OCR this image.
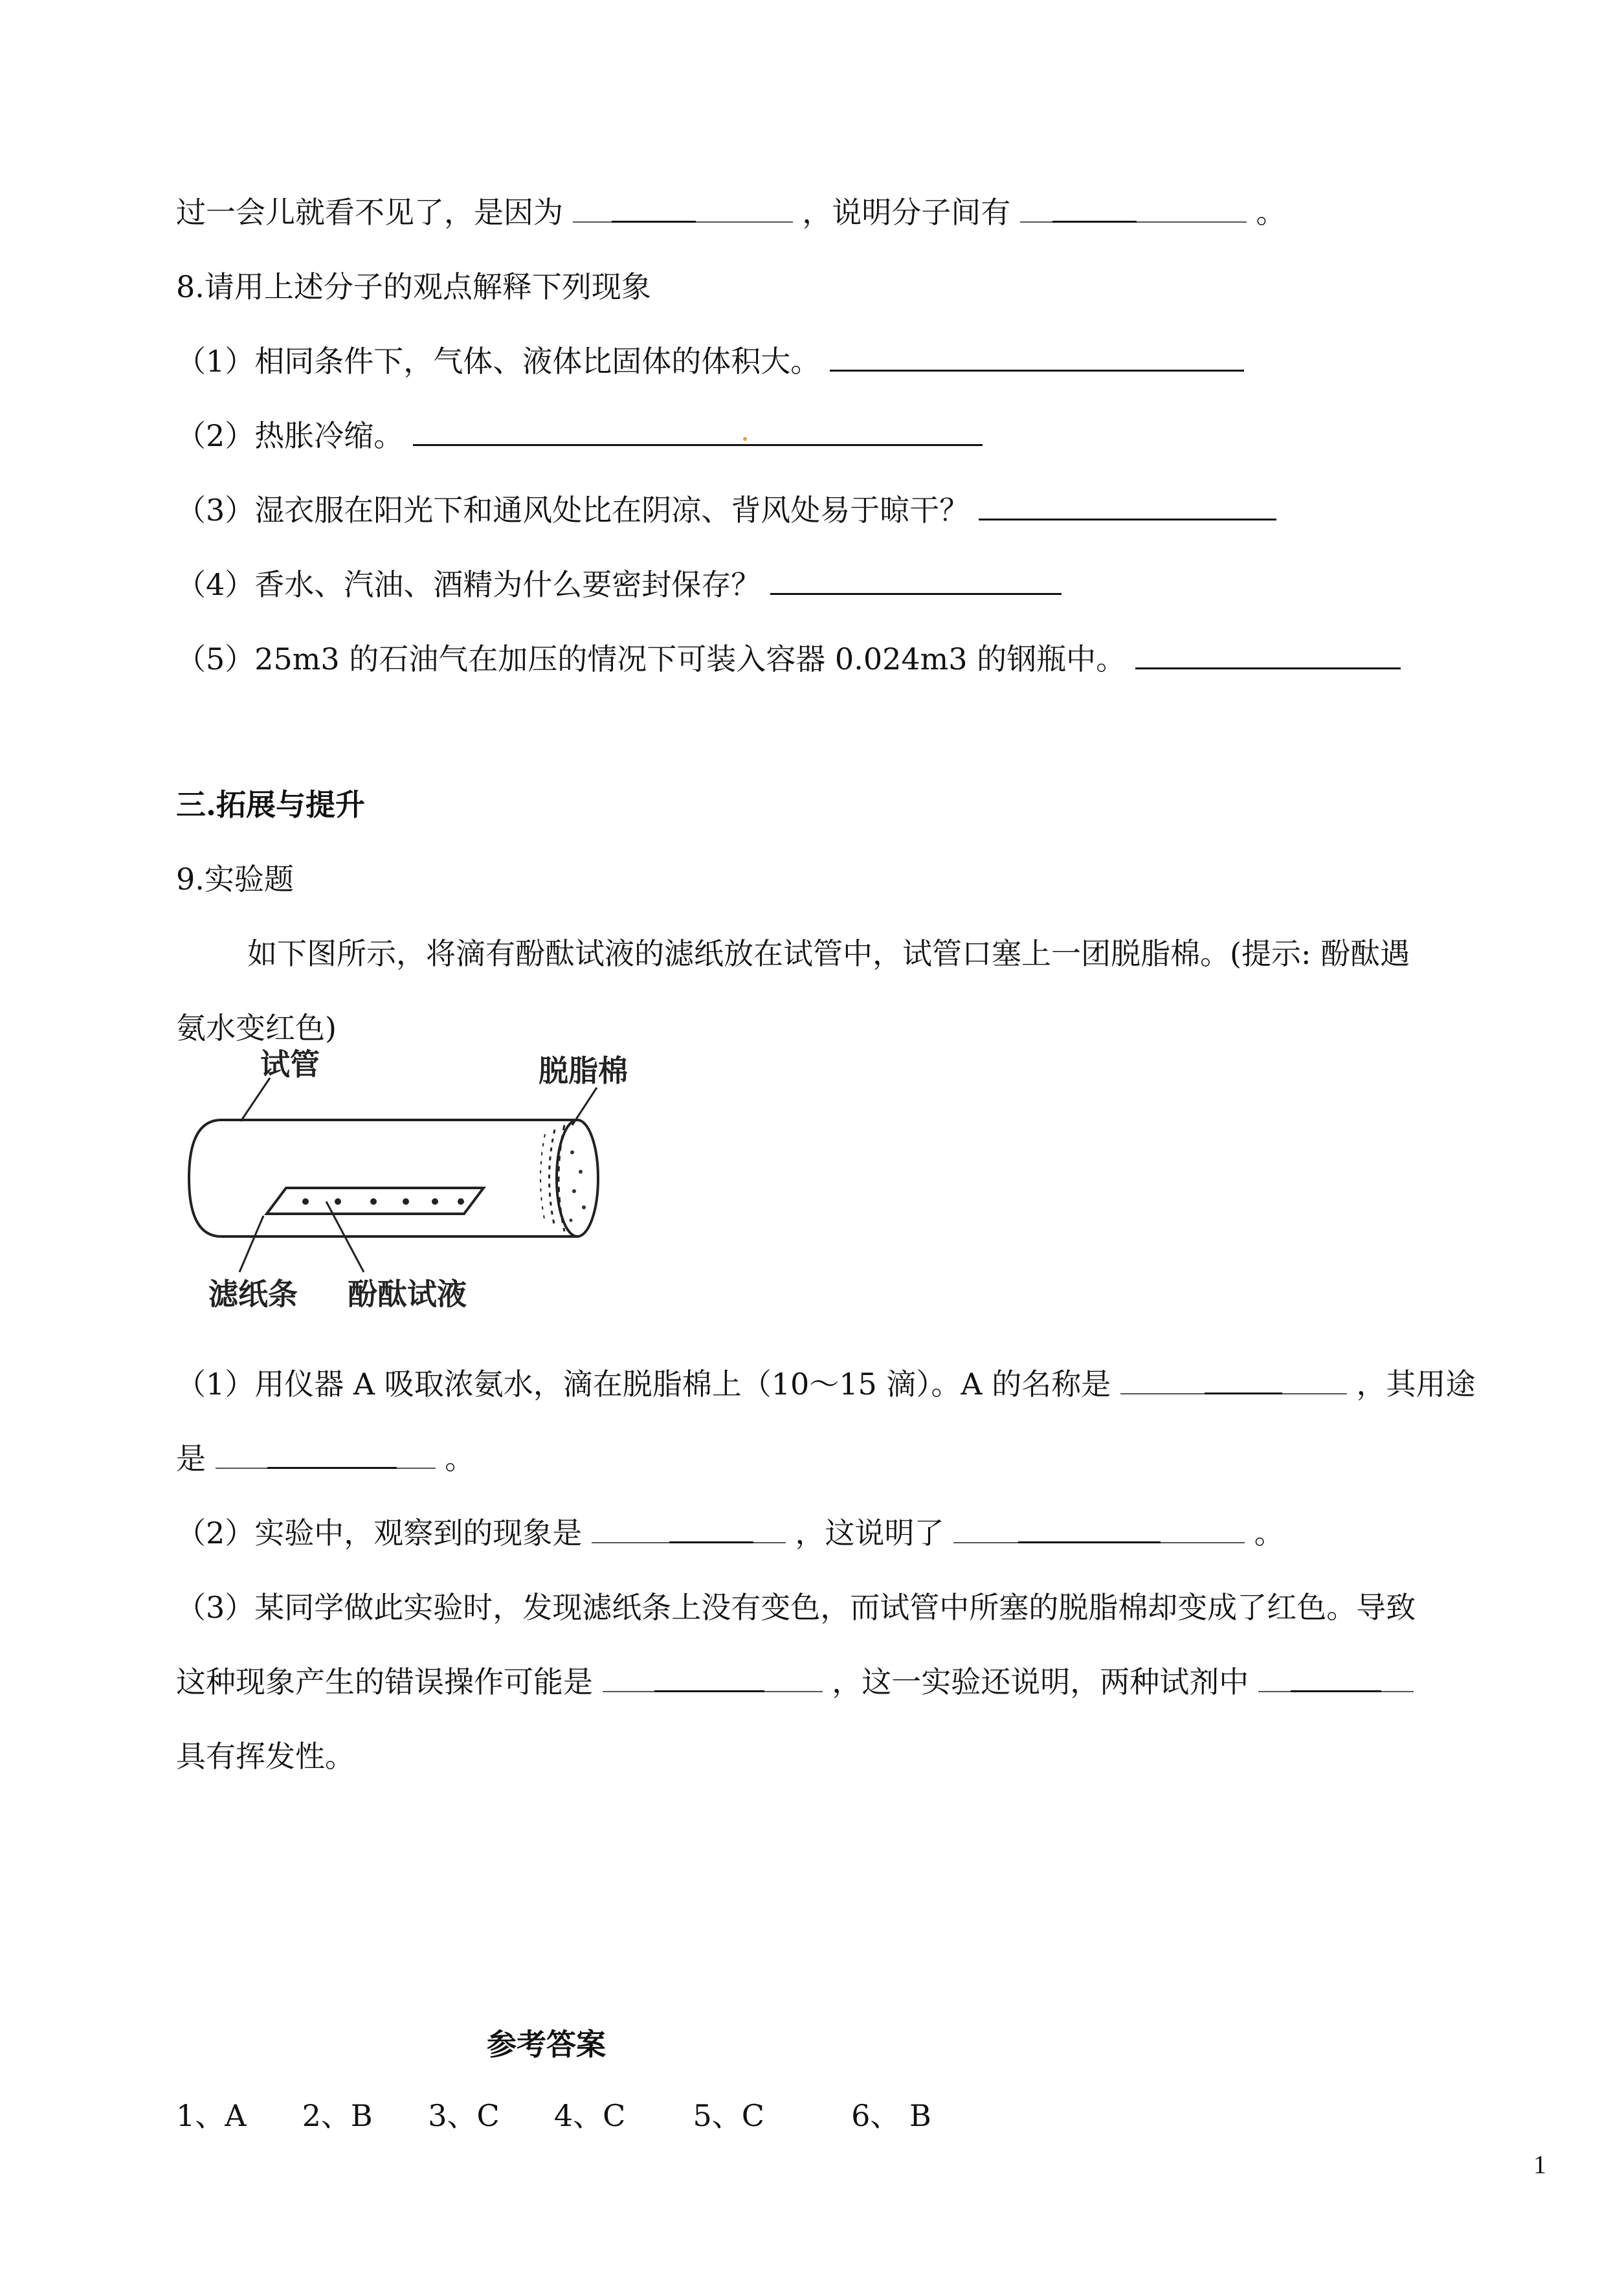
过一会儿就看不见了，是因为	，说明分子间有	。
8.请用上述分子的观点解释下列现象
（1）相同条件下，气体、液体比固体的体积大。
（2）热胀冷缩。
（3）湿衣服在阳光下和通风处比在阴凉、背风处易于晾干？
（4）香水、汽油、酒精为什么要密封保存？
（5）25m3 的石油气在加压的情况下可装入容器 0.024m3 的钢瓶中。
三.拓展与提升
9.实验题
如下图所示，将滴有酚酞试液的滤纸放在试管中，试管口塞上一团脱脂棉。(提示: 酚酞遇
氨水变红色)
试管	脱脂棉
滤纸条 酚酞试液
（1）用仪器 A 吸取浓氨水，滴在脱脂棉上（10～15 滴）。A 的名称是	，其用途
是	。
（2）实验中，观察到的现象是	，这说明了	。
（3）某同学做此实验时，发现滤纸条上没有变色，而试管中所塞的脱脂棉却变成了红色。导致
这种现象产生的错误操作可能是	，这一实验还说明，两种试剂中
具有挥发性。
参考答案
1、A 2、B 3、C 4、C 5、C	6、 B
1
